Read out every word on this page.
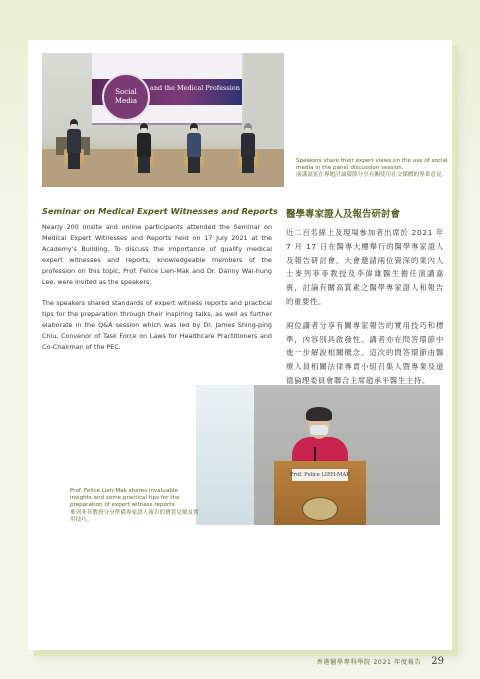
Social
Media
and the Medical Profession

Speakers share their expert views on the use of social media in the panel discussion session.

演講嘉賓在專題討論環節分享有關使用社交媒體的專業意見。

Seminar on Medical Expert Witnesses and Reports

Nearly 200 onsite and online participants attended the Seminar on Medical Expert Witnesses and Reports held on 17 July 2021 at the Academy's Building. To discuss the importance of quality medical expert witnesses and reports, knowledgeable members of the profession on this topic, Prof. Felice Lieh-Mak and Dr. Danny Wai-hung Lee, were invited as the speakers.

The speakers shared standards of expert witness reports and practical tips for the preparation through their inspiring talks, as well as further elaborate in the Q&A session which was led by Dr. James Shing-ping Chiu, Convenor of Task Force on Laws for Healthcare Practitioners and Co-Chairman of the PEC.

醫學專家證人及報告研討會

近二百名線上及現場參加者出席於 2021 年 7 月 17 日在醫專大樓舉行的醫學專家證人及報告研討會。大會邀請兩位資深的業內人士麥列菲菲教授及李偉雄醫生擔任演講嘉賓，討論有關高質素之醫學專家證人和報告的重要性。

兩位講者分享有關專家報告的實用技巧和標準，內容別具啟發性。講者亦在問答環節中進一步解說相關概念。這次的問答環節由醫療人員相關法律專責小組召集人暨專業及道德倫理委員會聯合主席趙承平醫生主持。

Prof. Felice LIEH-MAK

Prof. Felice Lieh-Mak shares invaluable insights and some practical tips for the preparation of expert witness reports.

麥列菲菲教授分享準備專家證人報告的寶貴見解及實用技巧。

香港醫學專科學院 2021 年度報告 29
